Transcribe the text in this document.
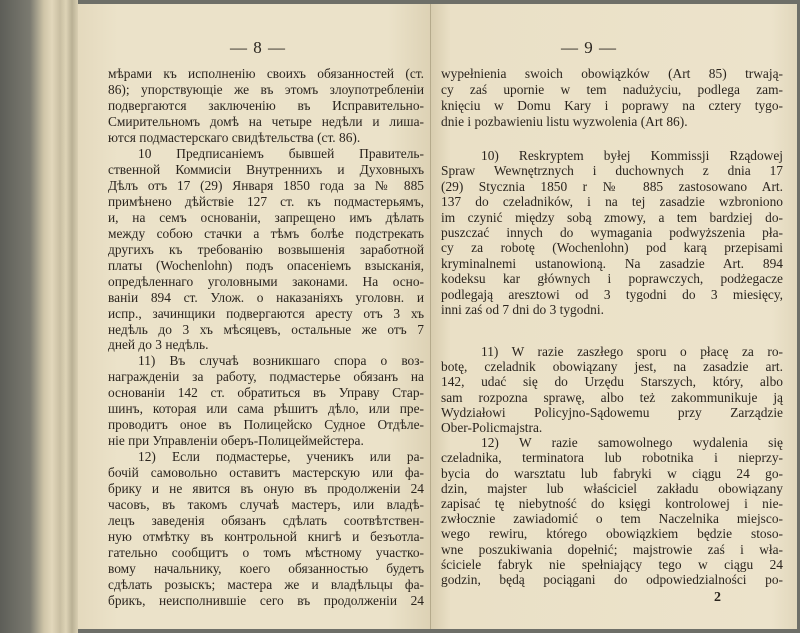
— 8 —
мѣрами къ исполненію своихъ обязанностей (ст.
86); упорствующіе же въ этомъ злоупотребленіи
подвергаются заключенію въ Исправительно-
Смирительномъ домѣ на четыре недѣли и лиша-
ются подмастерскаго свидѣтельства (ст. 86).
10 Предписаніемъ бывшей Правитель-
ственной Коммисіи Внутреннихъ и Духовныхъ
Дѣлъ отъ 17 (29) Января 1850 года за № 885
примѣнено дѣйствіе 127 ст. къ подмастерьямъ,
и, на семъ основаніи, запрещено имъ дѣлать
между собою стачки а тѣмъ болѣе подстрекать
другихъ къ требованію возвышенія заработной
платы (Wochenlohn) подъ опасеніемъ взысканія,
опредѣленнаго уголовными законами. На осно-
ваніи 894 ст. Улож. о наказаніяхъ уголовн. и
испр., зачинщики подвергаются аресту отъ 3 хъ
недѣль до 3 хъ мѣсяцевъ, остальные же отъ 7
дней до 3 недѣль.
11) Въ случаѣ возникшаго спора о воз-
награжденіи за работу, подмастерье обязанъ на
основаніи 142 ст. обратиться въ Управу Стар-
шинъ, которая или сама рѣшитъ дѣло, или пре-
проводитъ оное въ Полицейско Судное Отдѣле-
ніе при Управленіи оберъ-Полицеймейстера.
12) Если подмастерье, ученикъ или ра-
бочій самовольно оставитъ мастерскую или фа-
брику и не явится въ оную въ продолженіи 24
часовъ, въ такомъ случаѣ мастеръ, или владѣ-
лецъ заведенія обязанъ сдѣлать соотвѣтствен-
ную отмѣтку въ контрольной книгѣ и безъотла-
гательно сообщитъ о томъ мѣстному участко-
вому начальнику, коего обязанностью будетъ
сдѣлать розыскъ; мастера же и владѣльцы фа-
брикъ, неисполнившіе сего въ продолженіи 24
— 9 —
wypełnienia swoich obowiązków (Art 85) trwają-
cy zaś upornie w tem nadużyciu, podlega zam-
knięciu w Domu Kary i poprawy na cztery tygo-
dnie i pozbawieniu listu wyzwolenia (Art 86).
10) Reskryptem byłej Kommissji Rządowej
Spraw Wewnętrznych i duchownych z dnia 17
(29) Stycznia 1850 r № 885 zastosowano Art.
137 do czeladników, i na tej zasadzie wzbroniono
im czynić między sobą zmowy, a tem bardziej do-
puszczać innych do wymagania podwyższenia pła-
cy za robotę (Wochenlohn) pod karą przepisami
kryminalnemi ustanowioną. Na zasadzie Art. 894
kodeksu kar głównych i poprawczych, podżegacze
podlegają aresztowi od 3 tygodni do 3 miesięcy,
inni zaś od 7 dni do 3 tygodni.
11) W razie zaszłego sporu o płacę za ro-
botę, czeladnik obowiązany jest, na zasadzie art.
142, udać się do Urzędu Starszych, który, albo
sam rozpozna sprawę, albo też zakommunikuje ją
Wydziałowi Policyjno-Sądowemu przy Zarządzie
Ober-Policmajstra.
12) W razie samowolnego wydalenia się
czeladnika, terminatora lub robotnika i nieprzy-
bycia do warsztatu lub fabryki w ciągu 24 go-
dzin, majster lub właściciel zakładu obowiązany
zapisać tę niebytność do księgi kontrolowej i nie-
zwłocznie zawiadomić o tem Naczelnika miejsco-
wego rewiru, którego obowiązkiem będzie stoso-
wne poszukiwania dopełnić; majstrowie zaś i wła-
ściciele fabryk nie spełniający tego w ciągu 24
godzin, będą pociągani do odpowiedzialności po-
2
